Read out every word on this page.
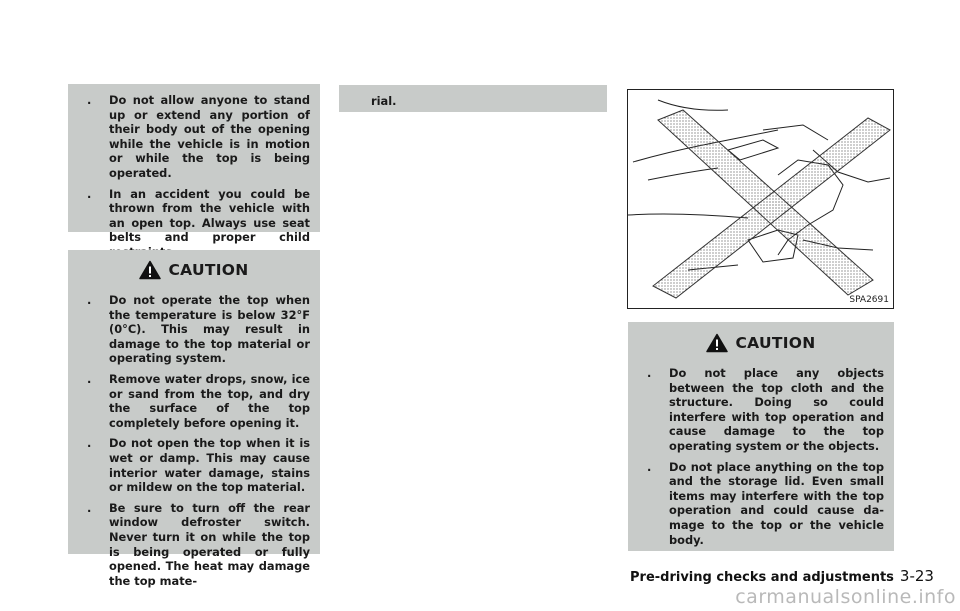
. Do not allow anyone to stand up or extend any portion of their body out of the opening while the vehicle is in motion or while the top is being operated.
. In an accident you could be thrown from the vehicle with an open top. Always use seat belts and proper child
CAUTION
. Do not operate the top when the temperature is below 32°F (0°C). This may result in damage to the top material or operating system.
. Remove water drops, snow, ice or sand from the top, and dry the surface of the top completely before opening it.
. Do not open the top when it is wet or damp. This may cause interior water damage, stains or mildew on the top material.
. Be sure to turn off the rear window defroster switch. Never turn it on while the top is being operated or fully opened. The heat may damage the top mate-
rial.
SPA2691
CAUTION
. Do not place any objects between the top cloth and the structure. Doing so could interfere with top operation and cause damage to the top operating system or the objects.
. Do not place anything on the top and the storage lid. Even small items may interfere with the top operation and could cause da-mage to the top or the vehicle body.
Pre-driving checks and adjustments 3-23
carmanualsonline.info
